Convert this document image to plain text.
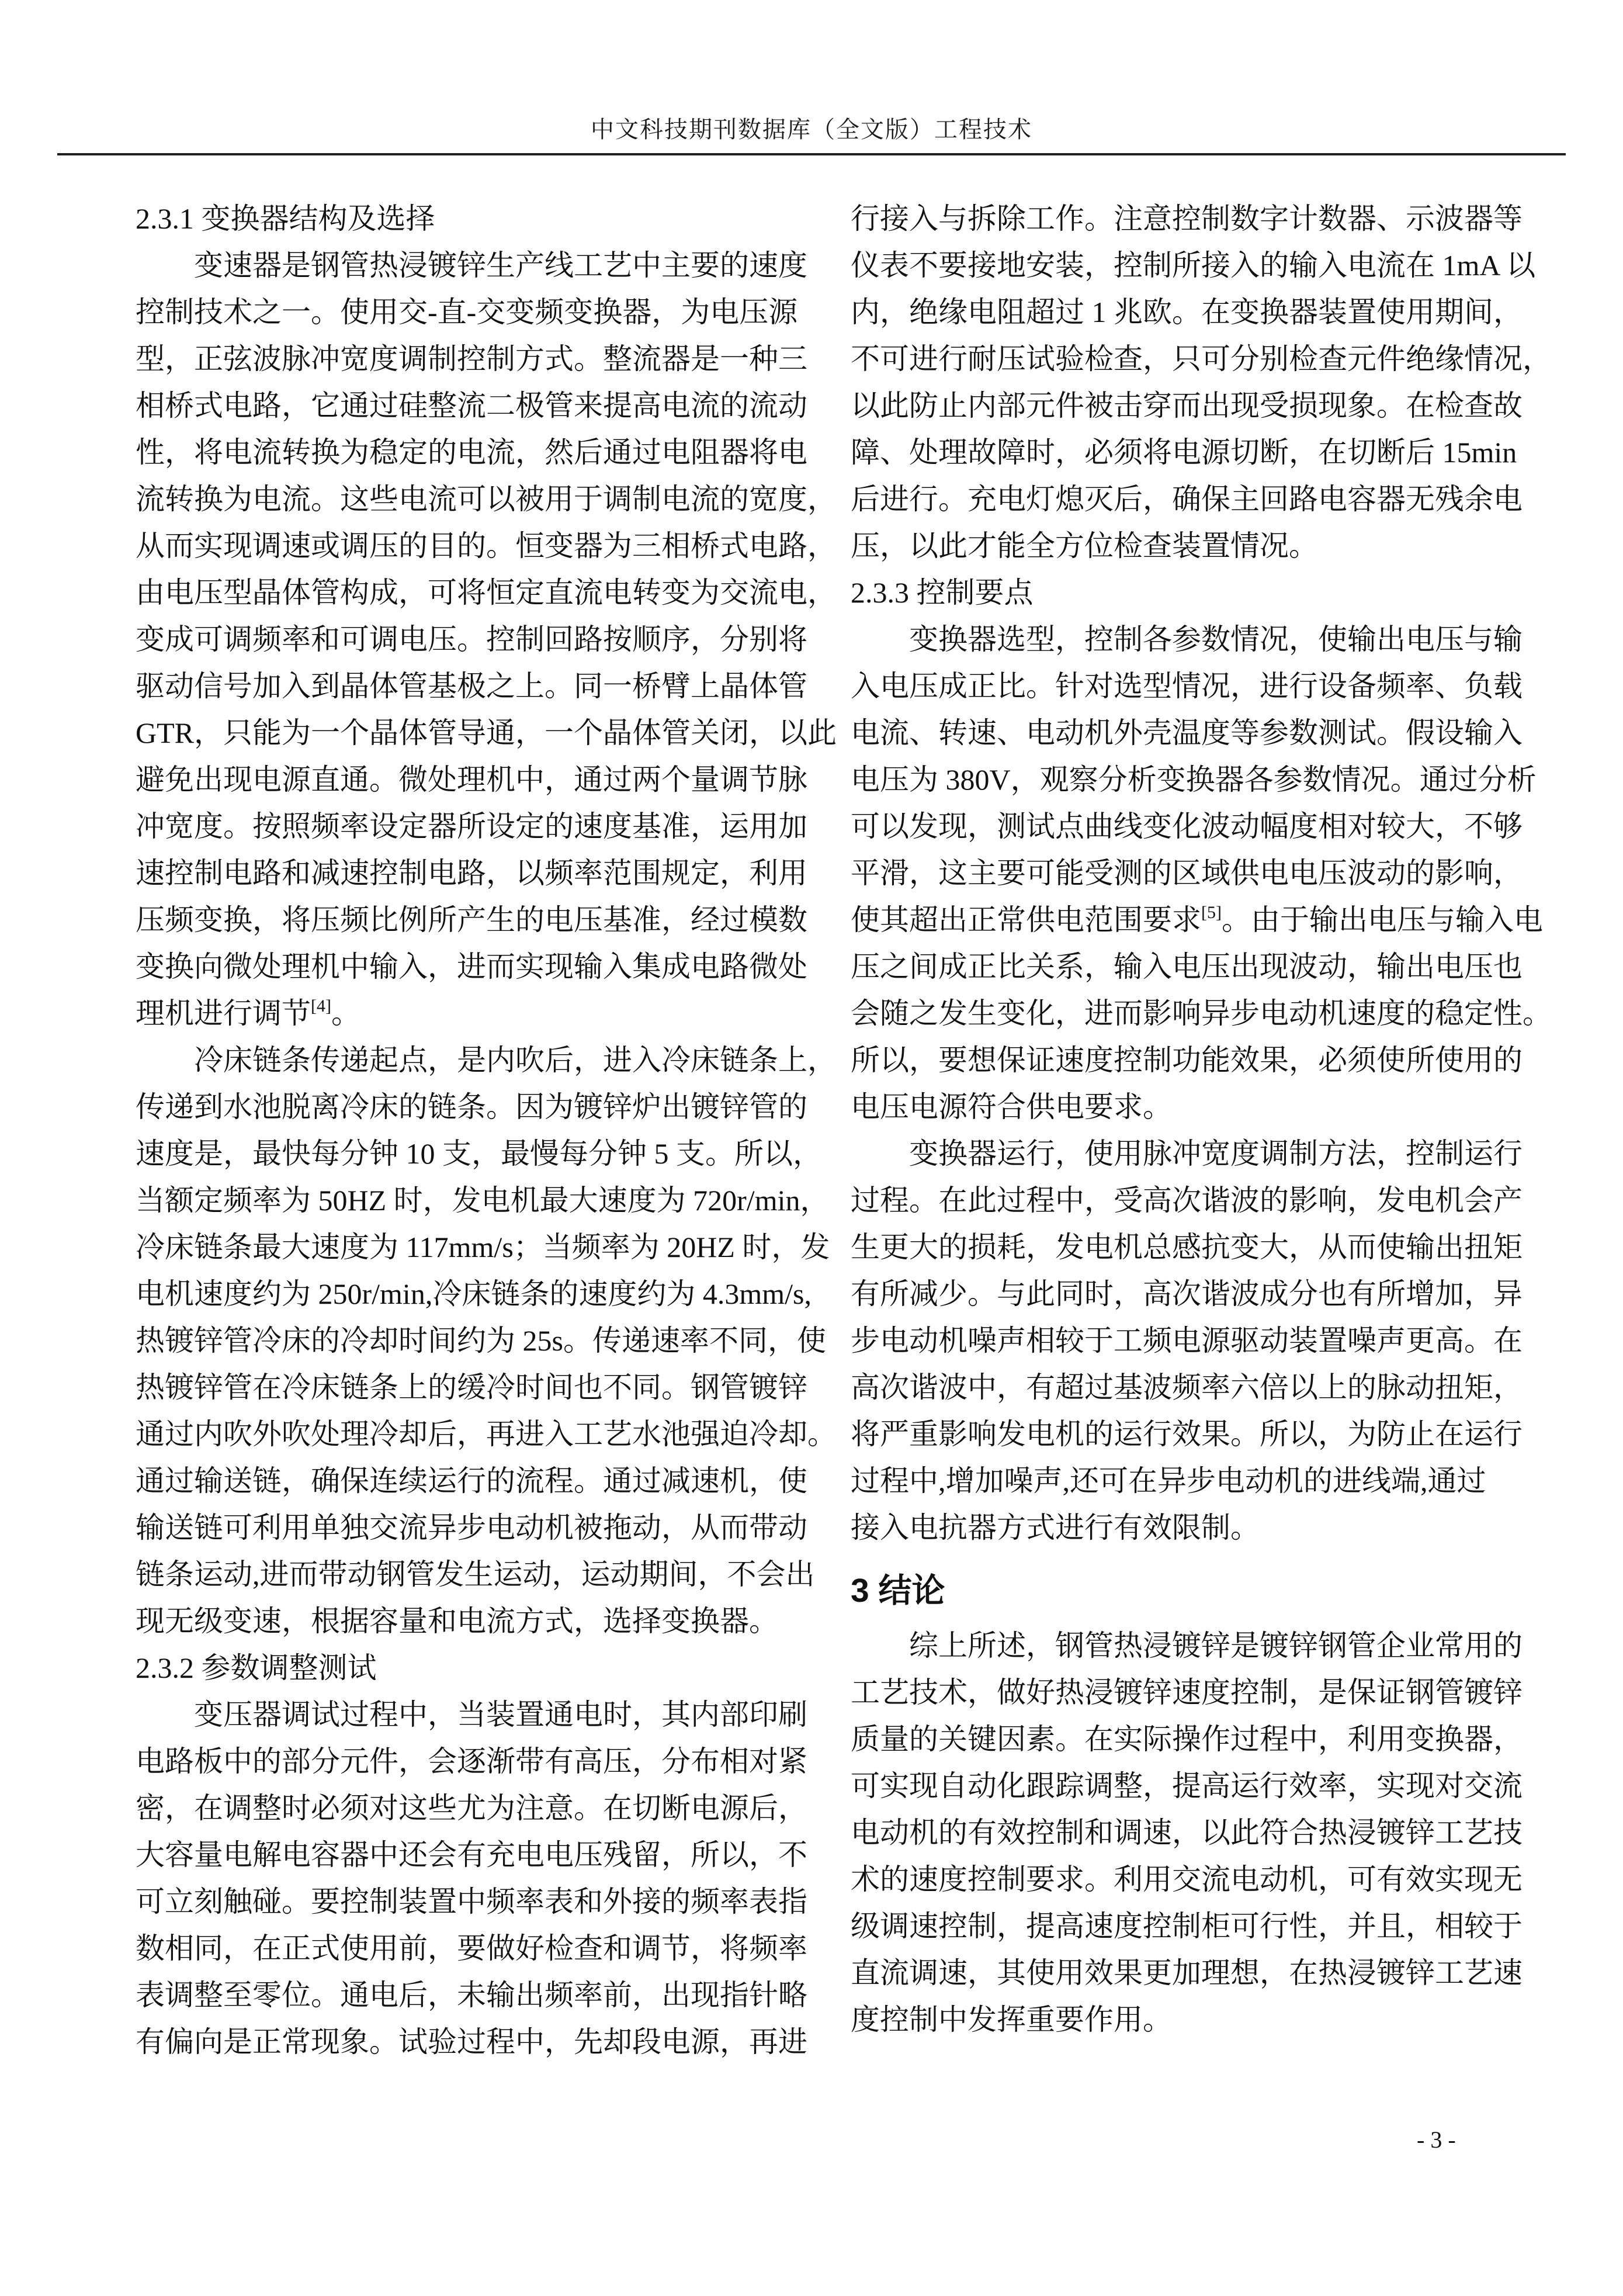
中文科技期刊数据库（全文版）工程技术
2.3.1 变换器结构及选择
变速器是钢管热浸镀锌生产线工艺中主要的速度
控制技术之一。使用交-直-交变频变换器，为电压源
型，正弦波脉冲宽度调制控制方式。整流器是一种三
相桥式电路，它通过硅整流二极管来提高电流的流动
性，将电流转换为稳定的电流，然后通过电阻器将电
流转换为电流。这些电流可以被用于调制电流的宽度，
从而实现调速或调压的目的。恒变器为三相桥式电路，
由电压型晶体管构成，可将恒定直流电转变为交流电，
变成可调频率和可调电压。控制回路按顺序，分别将
驱动信号加入到晶体管基极之上。同一桥臂上晶体管
GTR，只能为一个晶体管导通，一个晶体管关闭，以此
避免出现电源直通。微处理机中，通过两个量调节脉
冲宽度。按照频率设定器所设定的速度基准，运用加
速控制电路和减速控制电路，以频率范围规定，利用
压频变换，将压频比例所产生的电压基准，经过模数
变换向微处理机中输入，进而实现输入集成电路微处
理机进行调节[4]。
冷床链条传递起点，是内吹后，进入冷床链条上，
传递到水池脱离冷床的链条。因为镀锌炉出镀锌管的
速度是，最快每分钟 10 支，最慢每分钟 5 支。所以，
当额定频率为 50HZ 时，发电机最大速度为 720r/min，
冷床链条最大速度为 117mm/s；当频率为 20HZ 时，发
电机速度约为 250r/min,冷床链条的速度约为 4.3mm/s,
热镀锌管冷床的冷却时间约为 25s。传递速率不同，使
热镀锌管在冷床链条上的缓冷时间也不同。钢管镀锌
通过内吹外吹处理冷却后，再进入工艺水池强迫冷却。
通过输送链，确保连续运行的流程。通过减速机，使
输送链可利用单独交流异步电动机被拖动，从而带动
链条运动,进而带动钢管发生运动，运动期间，不会出
现无级变速，根据容量和电流方式，选择变换器。
2.3.2 参数调整测试
变压器调试过程中，当装置通电时，其内部印刷
电路板中的部分元件，会逐渐带有高压，分布相对紧
密，在调整时必须对这些尤为注意。在切断电源后，
大容量电解电容器中还会有充电电压残留，所以，不
可立刻触碰。要控制装置中频率表和外接的频率表指
数相同，在正式使用前，要做好检查和调节，将频率
表调整至零位。通电后，未输出频率前，出现指针略
有偏向是正常现象。试验过程中，先却段电源，再进
行接入与拆除工作。注意控制数字计数器、示波器等
仪表不要接地安装，控制所接入的输入电流在 1mA 以
内，绝缘电阻超过 1 兆欧。在变换器装置使用期间，
不可进行耐压试验检查，只可分别检查元件绝缘情况，
以此防止内部元件被击穿而出现受损现象。在检查故
障、处理故障时，必须将电源切断，在切断后 15min
后进行。充电灯熄灭后，确保主回路电容器无残余电
压，以此才能全方位检查装置情况。
2.3.3 控制要点
变换器选型，控制各参数情况，使输出电压与输
入电压成正比。针对选型情况，进行设备频率、负载
电流、转速、电动机外壳温度等参数测试。假设输入
电压为 380V，观察分析变换器各参数情况。通过分析
可以发现，测试点曲线变化波动幅度相对较大，不够
平滑，这主要可能受测的区域供电电压波动的影响，
使其超出正常供电范围要求[5]。由于输出电压与输入电
压之间成正比关系，输入电压出现波动，输出电压也
会随之发生变化，进而影响异步电动机速度的稳定性。
所以，要想保证速度控制功能效果，必须使所使用的
电压电源符合供电要求。
变换器运行，使用脉冲宽度调制方法，控制运行
过程。在此过程中，受高次谐波的影响，发电机会产
生更大的损耗，发电机总感抗变大，从而使输出扭矩
有所减少。与此同时，高次谐波成分也有所增加，异
步电动机噪声相较于工频电源驱动装置噪声更高。在
高次谐波中，有超过基波频率六倍以上的脉动扭矩，
将严重影响发电机的运行效果。所以，为防止在运行
过程中,增加噪声,还可在异步电动机的进线端,通过
接入电抗器方式进行有效限制。
3 结论
综上所述，钢管热浸镀锌是镀锌钢管企业常用的
工艺技术，做好热浸镀锌速度控制，是保证钢管镀锌
质量的关键因素。在实际操作过程中，利用变换器，
可实现自动化跟踪调整，提高运行效率，实现对交流
电动机的有效控制和调速，以此符合热浸镀锌工艺技
术的速度控制要求。利用交流电动机，可有效实现无
级调速控制，提高速度控制柜可行性，并且，相较于
直流调速，其使用效果更加理想，在热浸镀锌工艺速
度控制中发挥重要作用。
- 3 -
